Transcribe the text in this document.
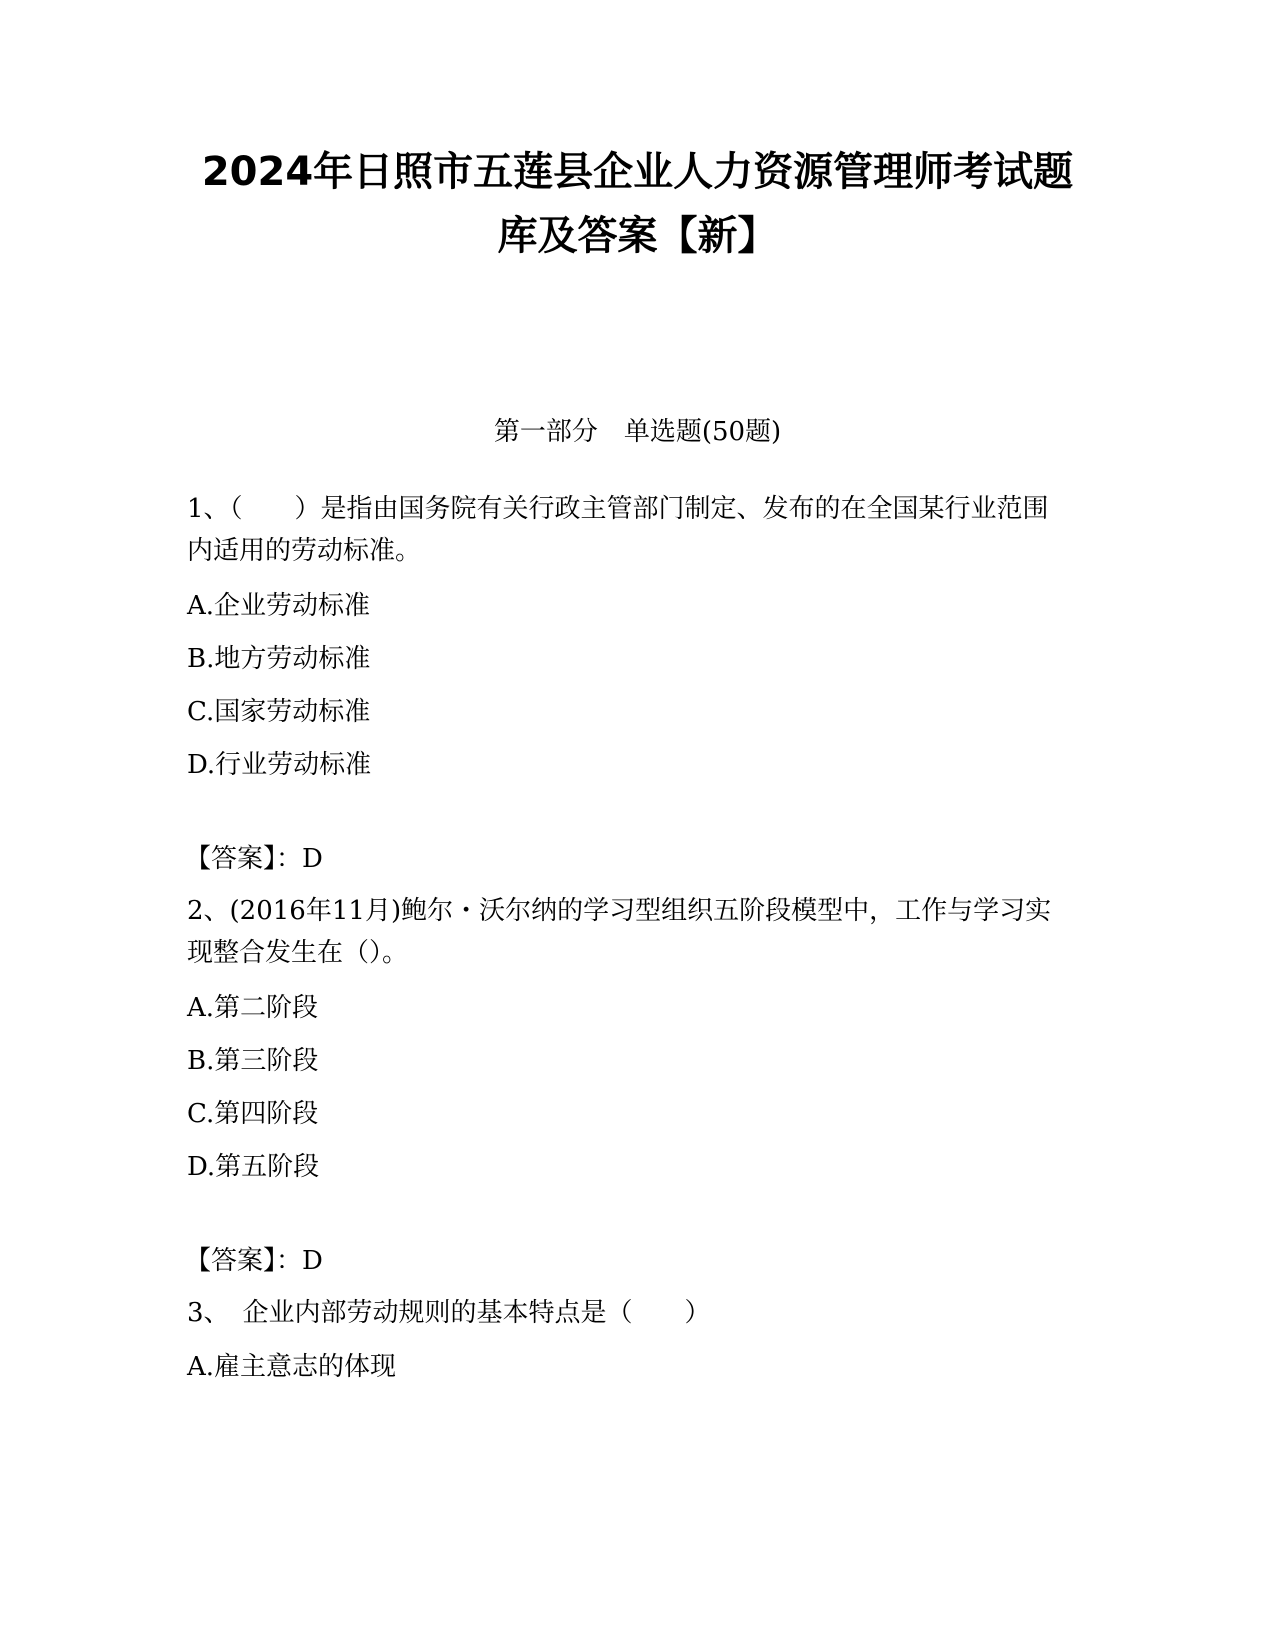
2024年日照市五莲县企业人力资源管理师考试题
库及答案【新】
第一部分　单选题(50题)

1、（　　）是指由国务院有关行政主管部门制定、发布的在全国某行业范围内适用的劳动标准。

A.企业劳动标准
B.地方劳动标准
C.国家劳动标准
D.行业劳动标准
【答案】：D

2、(2016年11月)鲍尔・沃尔纳的学习型组织五阶段模型中，工作与学习实现整合发生在（）。

A.第二阶段
B.第三阶段
C.第四阶段
D.第五阶段
【答案】：D

3、　企业内部劳动规则的基本特点是（　　）

A.雇主意志的体现
